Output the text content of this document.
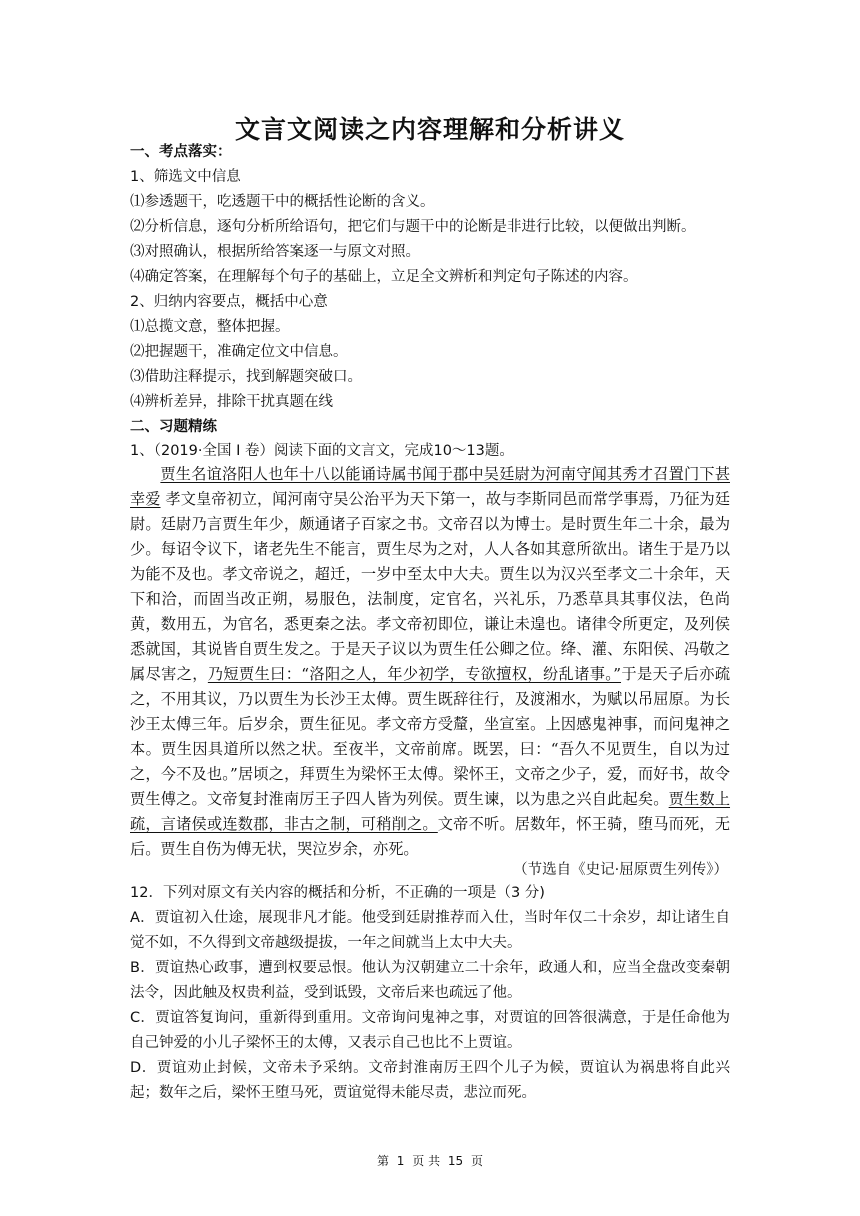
文言文阅读之内容理解和分析讲义
一、考点落实：
1、筛选文中信息
⑴参透题干，吃透题干中的概括性论断的含义。
⑵分析信息，逐句分析所给语句，把它们与题干中的论断是非进行比较，以便做出判断。
⑶对照确认，根据所给答案逐一与原文对照。
⑷确定答案，在理解每个句子的基础上，立足全文辨析和判定句子陈述的内容。
2、归纳内容要点，概括中心意
⑴总揽文意，整体把握。
⑵把握题干，准确定位文中信息。
⑶借助注释提示，找到解题突破口。
⑷辨析差异，排除干扰真题在线
二、习题精练
1、（2019·全国 Ⅰ 卷）阅读下面的文言文，完成10～13题。
贾生名谊洛阳人也年十八以能诵诗属书闻于郡中吴廷尉为河南守闻其秀才召置门下甚幸爱 孝文皇帝初立，闻河南守吴公治平为天下第一，故与李斯同邑而常学事焉，乃征为廷尉。廷尉乃言贾生年少，颇通诸子百家之书。文帝召以为博士。是时贾生年二十余，最为少。每诏令议下，诸老先生不能言，贾生尽为之对，人人各如其意所欲出。诸生于是乃以为能不及也。孝文帝说之，超迁，一岁中至太中大夫。贾生以为汉兴至孝文二十余年，天下和洽，而固当改正朔，易服色，法制度，定官名，兴礼乐，乃悉草具其事仪法，色尚黄，数用五，为官名，悉更秦之法。孝文帝初即位，谦让未遑也。诸律令所更定，及列侯悉就国，其说皆自贾生发之。于是天子议以为贾生任公卿之位。绛、灌、东阳侯、冯敬之属尽害之，乃短贾生曰：“洛阳之人，年少初学，专欲擅权，纷乱诸事。”于是天子后亦疏之，不用其议，乃以贾生为长沙王太傅。贾生既辞往行，及渡湘水，为赋以吊屈原。为长沙王太傅三年。后岁余，贾生征见。孝文帝方受釐，坐宣室。上因感鬼神事，而问鬼神之本。贾生因具道所以然之状。至夜半，文帝前席。既罢，曰：“吾久不见贾生，自以为过之，今不及也。”居顷之，拜贾生为梁怀王太傅。梁怀王，文帝之少子，爱，而好书，故令贾生傅之。文帝复封淮南厉王子四人皆为列侯。贾生谏，以为患之兴自此起矣。贾生数上疏，言诸侯或连数郡，非古之制，可稍削之。文帝不听。居数年，怀王骑，堕马而死，无后。贾生自伤为傅无状，哭泣岁余，亦死。
（节选自《史记·屈原贾生列传》）
12．下列对原文有关内容的概括和分析，不正确的一项是（3 分)
A．贾谊初入仕途，展现非凡才能。他受到廷尉推荐而入仕，当时年仅二十余岁，却让诸生自觉不如，不久得到文帝越级提拔，一年之间就当上太中大夫。
B．贾谊热心政事，遭到权要忌恨。他认为汉朝建立二十余年，政通人和，应当全盘改变秦朝法令，因此触及权贵利益，受到诋毁，文帝后来也疏远了他。
C．贾谊答复询问，重新得到重用。文帝询问鬼神之事，对贾谊的回答很满意，于是任命他为自己钟爱的小儿子梁怀王的太傅，又表示自己也比不上贾谊。
D．贾谊劝止封候，文帝未予采纳。文帝封淮南厉王四个儿子为候，贾谊认为祸患将自此兴起；数年之后，梁怀王堕马死，贾谊觉得未能尽责，悲泣而死。
第 1 页 共 15 页
